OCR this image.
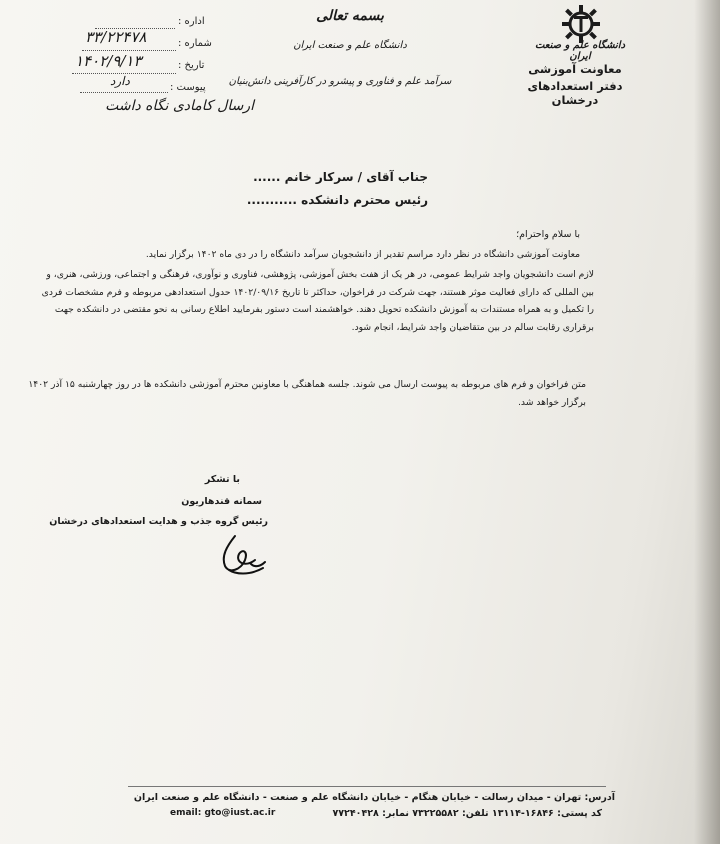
دانشگاه علم و صنعت ایران
معاونت آموزشی
دفتر استعدادهای درخشان
بسمه تعالی
دانشگاه علم و صنعت ایران
سرآمد علم و فناوری و پیشرو در کارآفرینی دانش‌بنیان
اداره :
شماره :
۳۳/۲۲۴۷۸
تاریخ :
۱۴۰۲/۹/۱۳
پیوست :
دارد
ارسال کامادی نگاه داشت
جناب آقای / سرکار خانم ......
رئیس محترم دانشکده ...........
با سلام واحترام؛
معاونت آموزشی دانشگاه در نظر دارد مراسم تقدیر از دانشجویان سرآمد دانشگاه را در دی ماه ۱۴۰۲ برگزار نماید.
لازم است دانشجویان واجد شرایط عمومی، در هر یک از هفت بخش آموزشی، پژوهشی، فناوری و نوآوری، فرهنگی و اجتماعی، ورزشی، هنری، و بین المللی که دارای فعالیت موثر هستند، جهت شرکت در فراخوان، حداکثر تا تاریخ ۱۴۰۲/۰۹/۱۶ حدول استعدادهی مربوطه و فرم مشخصات فردی را تکمیل و به همراه مستندات به آموزش دانشکده تحویل دهند. خواهشمند است دستور بفرمایید اطلاع رسانی به نحو مقتضی در دانشکده جهت برقراری رقابت سالم در بین متقاضیان واجد شرایط، انجام شود.
متن فراخوان و فرم های مربوطه به پیوست ارسال می شوند. جلسه هماهنگی با معاونین محترم آموزشی دانشکده ها در روز چهارشنبه ۱۵ آذر ۱۴۰۲ برگزار خواهد شد.
با تشکر
سمانه قندهاریون
رئیس گروه جذب و هدایت استعدادهای درخشان
آدرس: تهران - میدان رسالت - خیابان هنگام - خیابان دانشگاه علم و صنعت - دانشگاه علم و صنعت ایران
کد پستی: ۱۶۸۴۶-۱۳۱۱۴ تلفن: ۷۳۲۲۵۵۸۲ نمابر: ۷۷۲۴۰۴۲۸
email: gto@iust.ac.ir
